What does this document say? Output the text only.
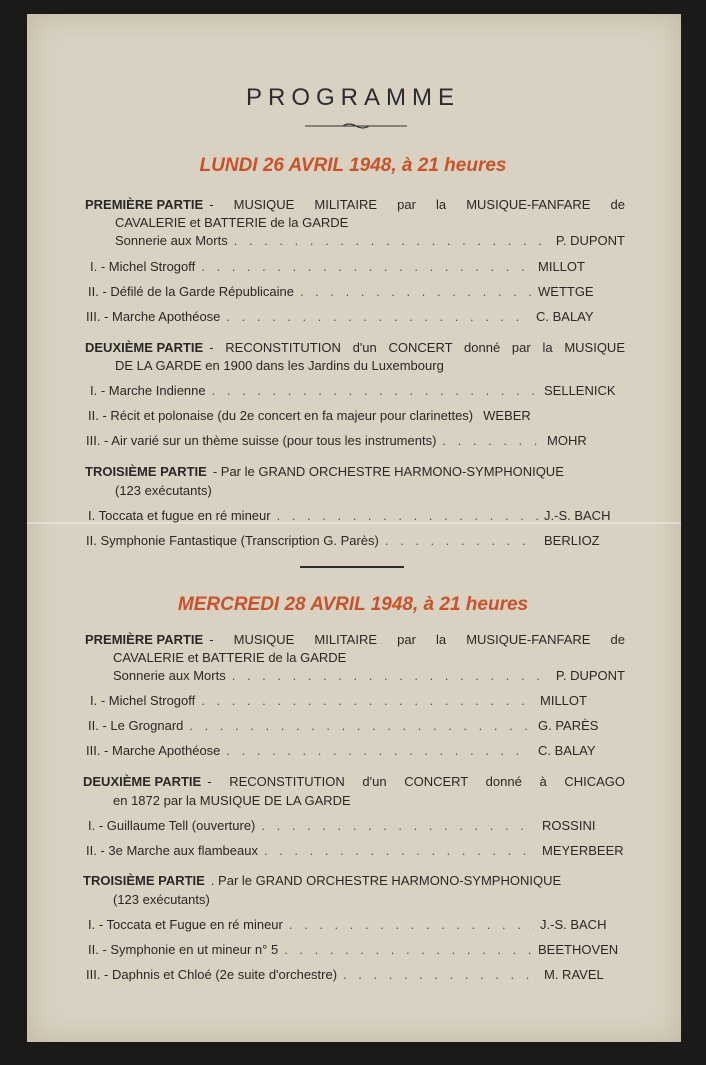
PROGRAMME
LUNDI 26 AVRIL 1948, à 21 heures
PREMIÈRE PARTIE - MUSIQUE MILITAIRE par la MUSIQUE-FANFARE de
CAVALERIE et BATTERIE de la GARDE
Sonnerie aux Morts . . .	P. DUPONT
I. - Michel Strogoff . . .	MILLOT
II. - Défilé de la Garde Républicaine . . .	WETTGE
III. - Marche Apothéose . . .	C. BALAY
DEUXIÈME PARTIE - RECONSTITUTION d'un CONCERT donné par la MUSIQUE
DE LA GARDE en 1900 dans les Jardins du Luxembourg
I. - Marche Indienne . . .	SELLENICK
II. - Récit et polonaise (du 2e concert en fa majeur pour clarinettes) WEBER
III. - Air varié sur un thème suisse (pour tous les instruments) . . .	MOHR
TROISIÈME PARTIE - Par le GRAND ORCHESTRE HARMONO-SYMPHONIQUE
(123 exécutants)
I. Toccata et fugue en ré mineur . . .	J.-S. BACH
II. Symphonie Fantastique (Transcription G. Parès) . . .	BERLIOZ
MERCREDI 28 AVRIL 1948, à 21 heures
PREMIÈRE PARTIE - MUSIQUE MILITAIRE par la MUSIQUE-FANFARE de
CAVALERIE et BATTERIE de la GARDE
Sonnerie aux Morts . . .	P. DUPONT
I. - Michel Strogoff . . .	MILLOT
II. - Le Grognard . . .	G. PARÈS
III. - Marche Apothéose . . .	C. BALAY
DEUXIÈME PARTIE - RECONSTITUTION d'un CONCERT donné à CHICAGO
en 1872 par la MUSIQUE DE LA GARDE
I. - Guillaume Tell (ouverture) . . .	ROSSINI
II. - 3e Marche aux flambeaux . . .	MEYERBEER
TROISIÈME PARTIE . Par le GRAND ORCHESTRE HARMONO-SYMPHONIQUE
(123 exécutants)
I. - Toccata et Fugue en ré mineur . . .	J.-S. BACH
II. - Symphonie en ut mineur n° 5 . . .	BEETHOVEN
III. - Daphnis et Chloé (2e suite d'orchestre) . . .	M. RAVEL
